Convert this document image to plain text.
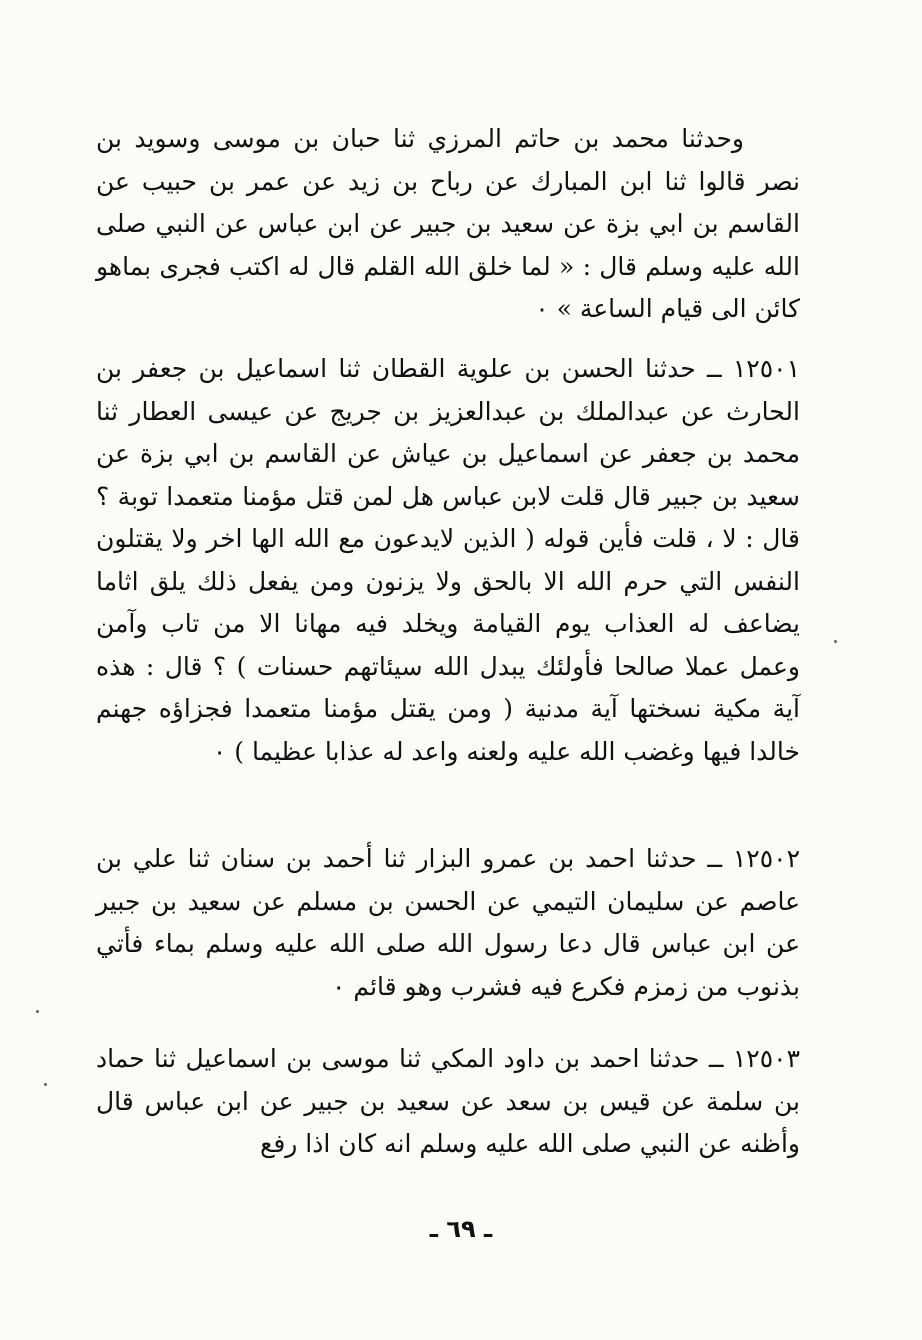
وحدثنا محمد بن حاتم المرزي ثنا حبان بن موسى وسويد بن نصر قالوا ثنا ابن المبارك عن رباح بن زيد عن عمر بن حبيب عن القاسم بن ابي بزة عن سعيد بن جبير عن ابن عباس عن النبي صلى الله عليه وسلم قال : « لما خلق الله القلم قال له اكتب فجرى بماهو كائن الى قيام الساعة » ٠

١٢٥٠١ ــ حدثنا الحسن بن علوية القطان ثنا اسماعيل بن جعفر بن الحارث عن عبدالملك بن عبدالعزيز بن جريج عن عيسى العطار ثنا محمد بن جعفر عن اسماعيل بن عياش عن القاسم بن ابي بزة عن سعيد بن جبير قال قلت لابن عباس هل لمن قتل مؤمنا متعمدا توبة ؟ قال : لا ، قلت فأين قوله ( الذين لايدعون مع الله الها اخر ولا يقتلون النفس التي حرم الله الا بالحق ولا يزنون ومن يفعل ذلك يلق اثاما يضاعف له العذاب يوم القيامة ويخلد فيه مهانا الا من تاب وآمن وعمل عملا صالحا فأولئك يبدل الله سيئاتهم حسنات ) ؟ قال : هذه آية مكية نسختها آية مدنية ( ومن يقتل مؤمنا متعمدا فجزاؤه جهنم خالدا فيها وغضب الله عليه ولعنه واعد له عذابا عظيما ) ٠

١٢٥٠٢ ــ حدثنا احمد بن عمرو البزار ثنا أحمد بن سنان ثنا علي بن عاصم عن سليمان التيمي عن الحسن بن مسلم عن سعيد بن جبير عن ابن عباس قال دعا رسول الله صلى الله عليه وسلم بماء فأتي بذنوب من زمزم فكرع فيه فشرب وهو قائم ٠

١٢٥٠٣ ــ حدثنا احمد بن داود المكي ثنا موسى بن اسماعيل ثنا حماد بن سلمة عن قيس بن سعد عن سعيد بن جبير عن ابن عباس قال وأظنه عن النبي صلى الله عليه وسلم انه كان اذا رفع

ـ ٦٩ ـ
